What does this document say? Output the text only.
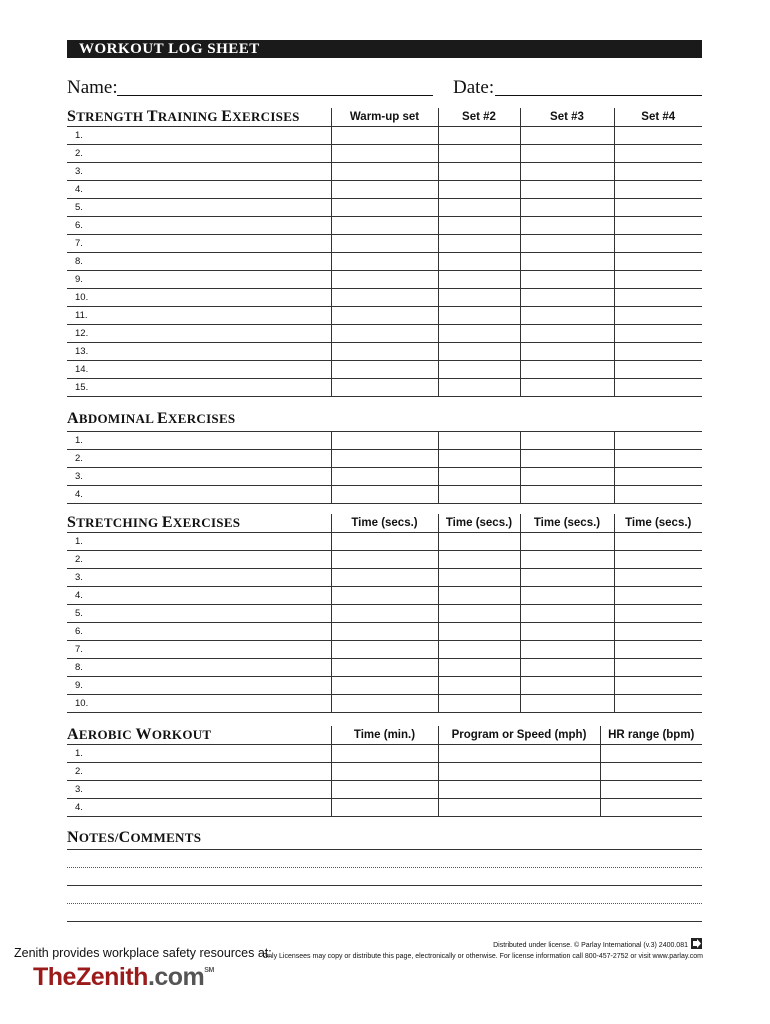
WORKOUT LOG SHEET
Name:	Date:
STRENGTH TRAINING EXERCISES
		Warm-up set	Set #2	Set #3	Set #4
1.				
2.				
3.				
4.				
5.				
6.				
7.				
8.				
9.				
10.				
11.				
12.				
13.				
14.				
15.				
ABDOMINAL EXERCISES
1.				
2.				
3.				
4.				
STRETCHING EXERCISES
		Time (secs.)	Time (secs.)	Time (secs.)	Time (secs.)
1.				
2.				
3.				
4.				
5.				
6.				
7.				
8.				
9.				
10.				
AEROBIC WORKOUT
		Time (min.)	Program or Speed (mph)	HR range (bpm)
1.			
2.			
3.			
4.			
NOTES/COMMENTS
Zenith provides workplace safety resources at:
TheZenith.com℠
Distributed under license. © Parlay International (v.3) 2400.081
Only Licensees may copy or distribute this page, electronically or otherwise. For license information call 800-457-2752 or visit www.parlay.com
